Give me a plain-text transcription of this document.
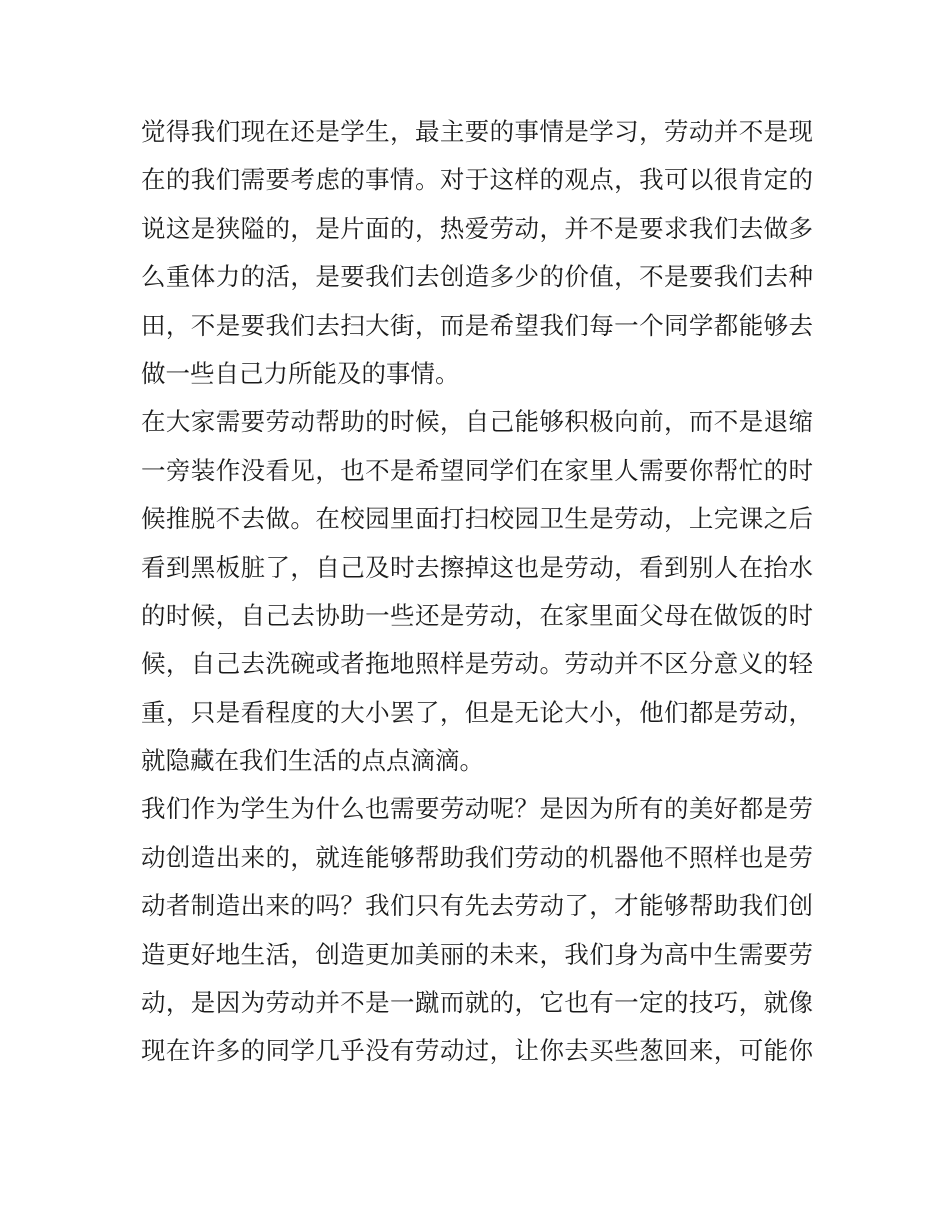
觉得我们现在还是学生，最主要的事情是学习，劳动并不是现
在的我们需要考虑的事情。对于这样的观点，我可以很肯定的
说这是狭隘的，是片面的，热爱劳动，并不是要求我们去做多
么重体力的活，是要我们去创造多少的价值，不是要我们去种
田，不是要我们去扫大街，而是希望我们每一个同学都能够去
做一些自己力所能及的事情。
在大家需要劳动帮助的时候，自己能够积极向前，而不是退缩
一旁装作没看见，也不是希望同学们在家里人需要你帮忙的时
候推脱不去做。在校园里面打扫校园卫生是劳动，上完课之后
看到黑板脏了，自己及时去擦掉这也是劳动，看到别人在抬水
的时候，自己去协助一些还是劳动，在家里面父母在做饭的时
候，自己去洗碗或者拖地照样是劳动。劳动并不区分意义的轻
重，只是看程度的大小罢了，但是无论大小，他们都是劳动，
就隐藏在我们生活的点点滴滴。
我们作为学生为什么也需要劳动呢？是因为所有的美好都是劳
动创造出来的，就连能够帮助我们劳动的机器他不照样也是劳
动者制造出来的吗？我们只有先去劳动了，才能够帮助我们创
造更好地生活，创造更加美丽的未来，我们身为高中生需要劳
动，是因为劳动并不是一蹴而就的，它也有一定的技巧，就像
现在许多的同学几乎没有劳动过，让你去买些葱回来，可能你
